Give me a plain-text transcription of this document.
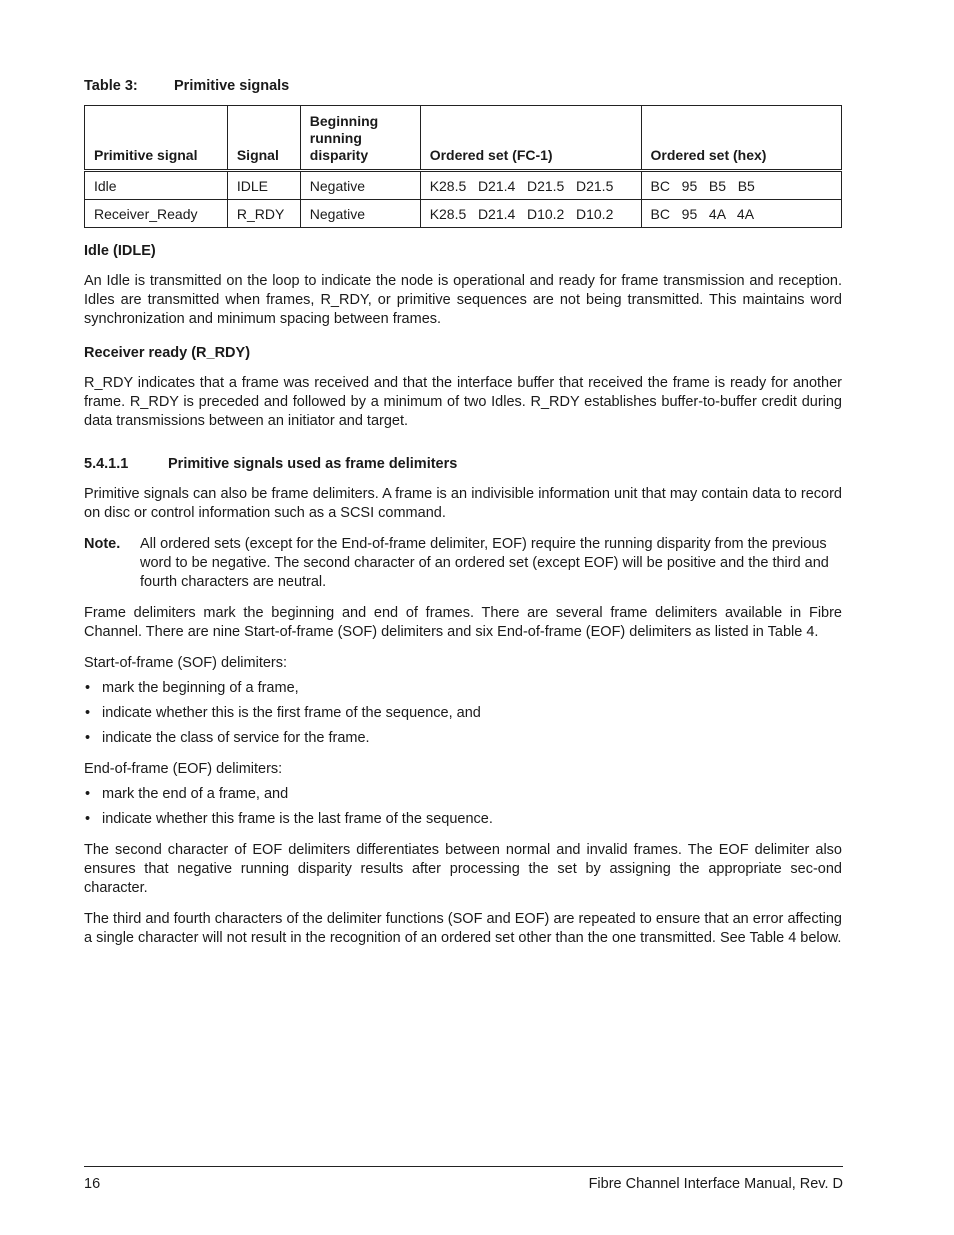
Table 3:	Primitive signals
Primitive signal	Signal	Beginning running disparity	Ordered set (FC-1)	Ordered set (hex)
Idle	IDLE	Negative	K28.5   D21.4   D21.5   D21.5	BC   95   B5   B5
Receiver_Ready	R_RDY	Negative	K28.5   D21.4   D10.2   D10.2	BC   95   4A   4A
Idle (IDLE)

An Idle is transmitted on the loop to indicate the node is operational and ready for frame transmission and reception. Idles are transmitted when frames, R_RDY, or primitive sequences are not being transmitted. This maintains word synchronization and minimum spacing between frames.

Receiver ready (R_RDY)

R_RDY indicates that a frame was received and that the interface buffer that received the frame is ready for another frame. R_RDY is preceded and followed by a minimum of two Idles. R_RDY establishes buffer-to-buffer credit during data transmissions between an initiator and target.

5.4.1.1	Primitive signals used as frame delimiters

Primitive signals can also be frame delimiters. A frame is an indivisible information unit that may contain data to record on disc or control information such as a SCSI command.

Note.	All ordered sets (except for the End-of-frame delimiter, EOF) require the running disparity from the previous word to be negative. The second character of an ordered set (except EOF) will be positive and the third and fourth characters are neutral.

Frame delimiters mark the beginning and end of frames. There are several frame delimiters available in Fibre Channel. There are nine Start-of-frame (SOF) delimiters and six End-of-frame (EOF) delimiters as listed in Table 4.

Start-of-frame (SOF) delimiters:
• mark the beginning of a frame,
• indicate whether this is the first frame of the sequence, and
• indicate the class of service for the frame.
End-of-frame (EOF) delimiters:
• mark the end of a frame, and
• indicate whether this frame is the last frame of the sequence.

The second character of EOF delimiters differentiates between normal and invalid frames. The EOF delimiter also ensures that negative running disparity results after processing the set by assigning the appropriate sec-ond character.

The third and fourth characters of the delimiter functions (SOF and EOF) are repeated to ensure that an error affecting a single character will not result in the recognition of an ordered set other than the one transmitted. See Table 4 below.

16	Fibre Channel Interface Manual, Rev. D
